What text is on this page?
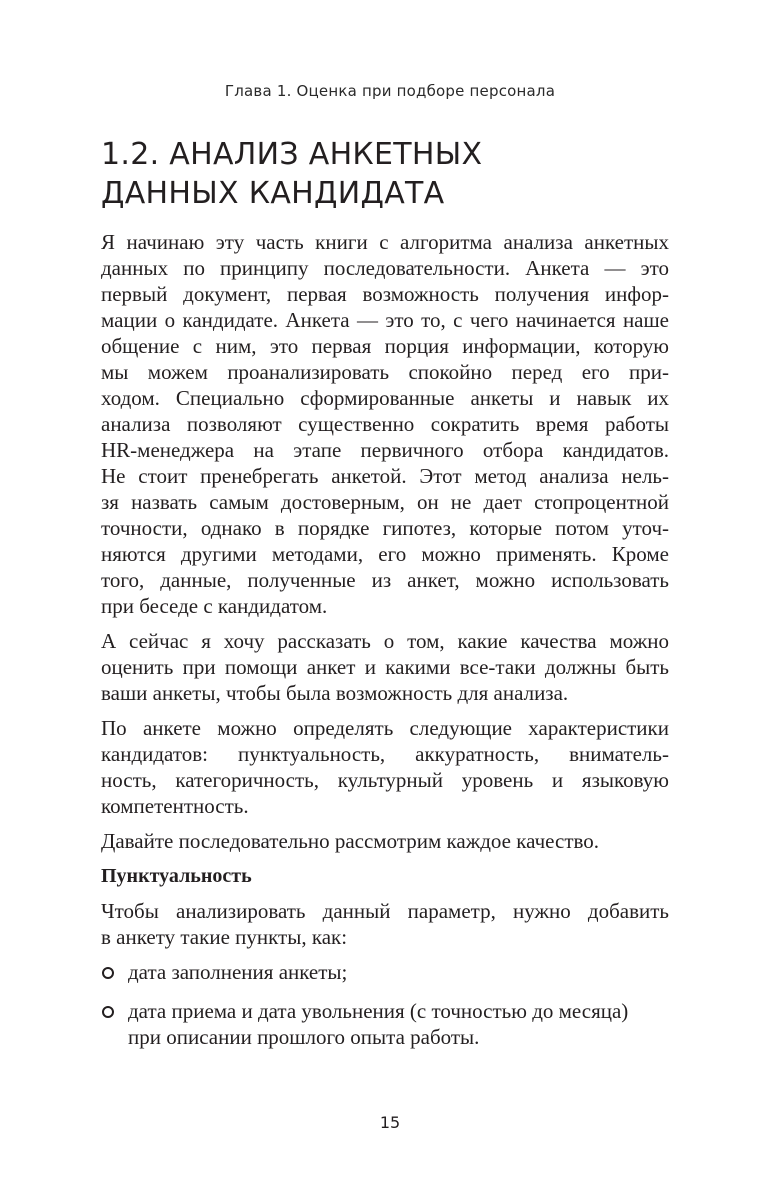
Глава 1. Оценка при подборе персонала
1.2. АНАЛИЗ АНКЕТНЫХ
ДАННЫХ КАНДИДАТА

Я начинаю эту часть книги с алгоритма анализа анкетных
данных по принципу последовательности. Анкета — это
первый документ, первая возможность получения инфор-
мации о кандидате. Анкета — это то, с чего начинается наше
общение с ним, это первая порция информации, которую
мы можем проанализировать спокойно перед его при-
ходом. Специально сформированные анкеты и навык их
анализа позволяют существенно сократить время работы
HR-менеджера на этапе первичного отбора кандидатов.
Не стоит пренебрегать анкетой. Этот метод анализа нель-
зя назвать самым достоверным, он не дает стопроцентной
точности, однако в порядке гипотез, которые потом уточ-
няются другими методами, его можно применять. Кроме
того, данные, полученные из анкет, можно использовать
при беседе с кандидатом.

А сейчас я хочу рассказать о том, какие качества можно
оценить при помощи анкет и какими все-таки должны быть
ваши анкеты, чтобы была возможность для анализа.

По анкете можно определять следующие характеристики
кандидатов: пунктуальность, аккуратность, вниматель-
ность, категоричность, культурный уровень и языковую
компетентность.

Давайте последовательно рассмотрим каждое качество.

Пунктуальность

Чтобы анализировать данный параметр, нужно добавить
в анкету такие пункты, как:

дата заполнения анкеты;
дата приема и дата увольнения (с точностью до месяца)
при описании прошлого опыта работы.
15
